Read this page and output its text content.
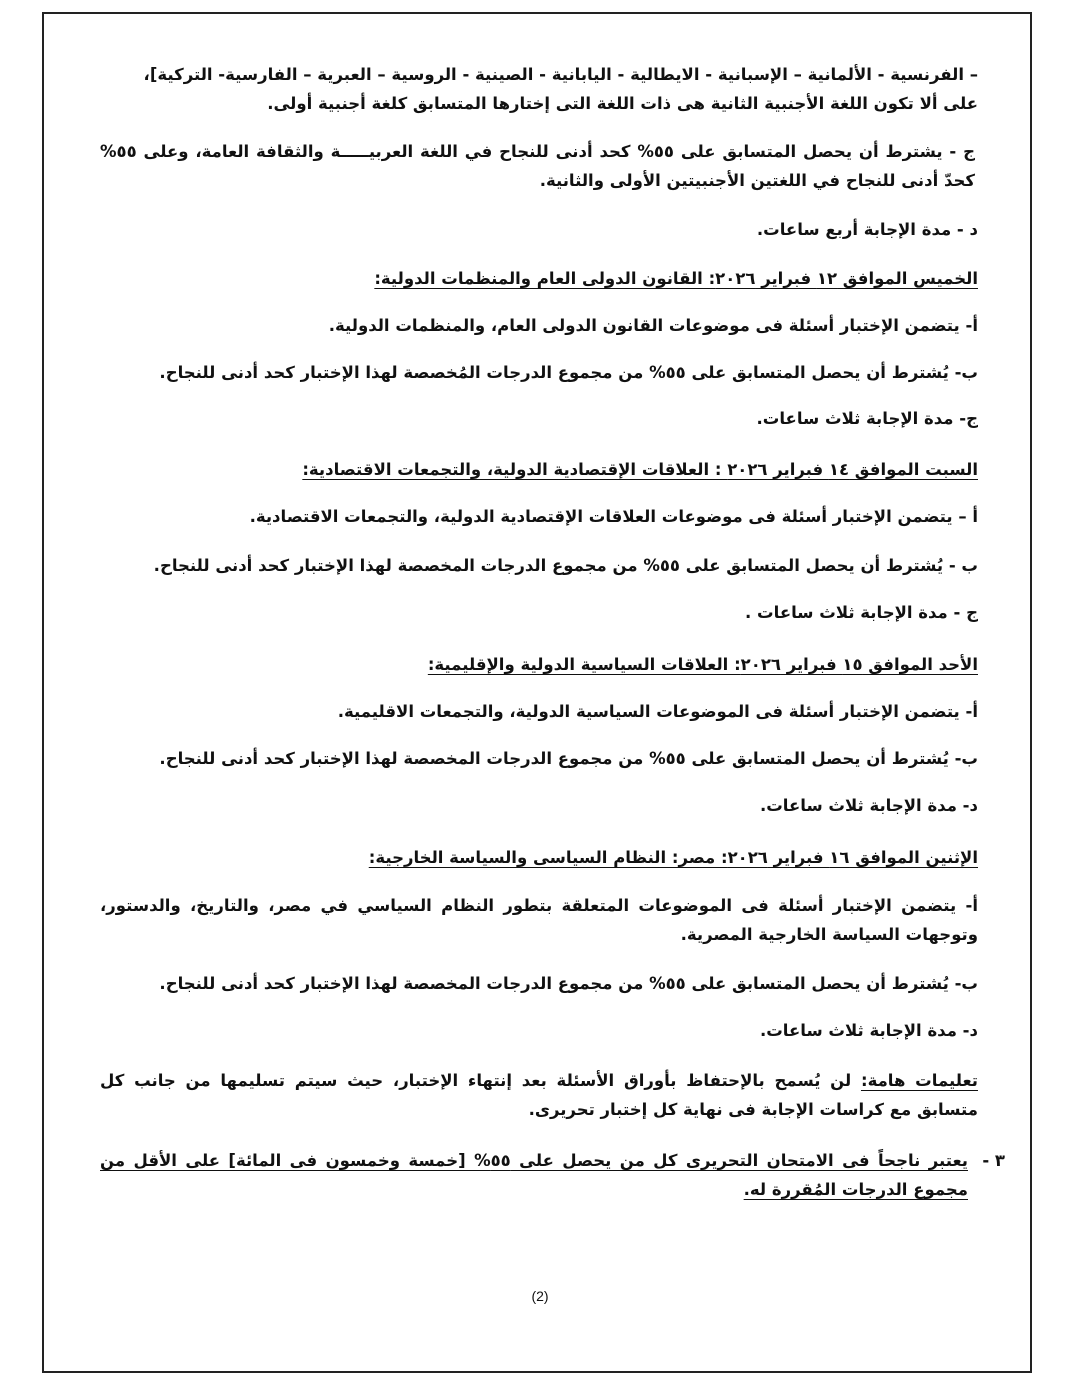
– الفرنسية - الألمانية – الإسبانية - الايطالية - اليابانية - الصينية - الروسية – العبرية – الفارسية- التركية]،
على ألا تكون اللغة الأجنبية الثانية هى ذات اللغة التى إختارها المتسابق كلغة أجنبية أولى.
ج - يشترط أن يحصل المتسابق على ٥٥% كحد أدنى للنجاح في اللغة العربيـــــة والثقافة العامة، وعلى ٥٥% كحدّ أدنى للنجاح في اللغتين الأجنبيتين الأولى والثانية.
د - مدة الإجابة أربع ساعات.
الخميس الموافق ١٢ فبراير ٢٠٢٦: القانون الدولى العام والمنظمات الدولية:
أ- يتضمن الإختبار أسئلة فى موضوعات القانون الدولى العام، والمنظمات الدولية.
ب- يُشترط أن يحصل المتسابق على ٥٥% من مجموع الدرجات المُخصصة لهذا الإختبار كحد أدنى للنجاح.
ج- مدة الإجابة ثلاث ساعات.
السبت الموافق ١٤ فبراير ٢٠٢٦ : العلاقات الإقتصادية الدولية، والتجمعات الاقتصادية:
أ – يتضمن الإختبار أسئلة فى موضوعات العلاقات الإقتصادية الدولية، والتجمعات الاقتصادية.
ب - يُشترط أن يحصل المتسابق على ٥٥% من مجموع الدرجات المخصصة لهذا الإختبار كحد أدنى للنجاح.
ج - مدة الإجابة ثلاث ساعات .
الأحد الموافق ١٥ فبراير ٢٠٢٦: العلاقات السياسية الدولية والإقليمية:
أ- يتضمن الإختبار أسئلة فى الموضوعات السياسية الدولية، والتجمعات الاقليمية.
ب- يُشترط أن يحصل المتسابق على ٥٥% من مجموع الدرجات المخصصة لهذا الإختبار كحد أدنى للنجاح.
د- مدة الإجابة ثلاث ساعات.
الإثنين الموافق ١٦ فبراير ٢٠٢٦: مصر: النظام السياسى والسياسة الخارجية:
أ- يتضمن الإختبار أسئلة فى الموضوعات المتعلقة بتطور النظام السياسي في مصر، والتاريخ، والدستور، وتوجهات السياسة الخارجية المصرية.
ب- يُشترط أن يحصل المتسابق على ٥٥% من مجموع الدرجات المخصصة لهذا الإختبار كحد أدنى للنجاح.
د- مدة الإجابة ثلاث ساعات.
تعليمات هامة: لن يُسمح بالإحتفاظ بأوراق الأسئلة بعد إنتهاء الإختبار، حيث سيتم تسليمها من جانب كل متسابق مع كراسات الإجابة فى نهاية كل إختبار تحريرى.
٣ -
يعتبر ناجحاً فى الامتحان التحريرى كل من يحصل على ٥٥% [خمسة وخمسون فى المائة] على الأقل من مجموع الدرجات المُقررة له.
(2)
